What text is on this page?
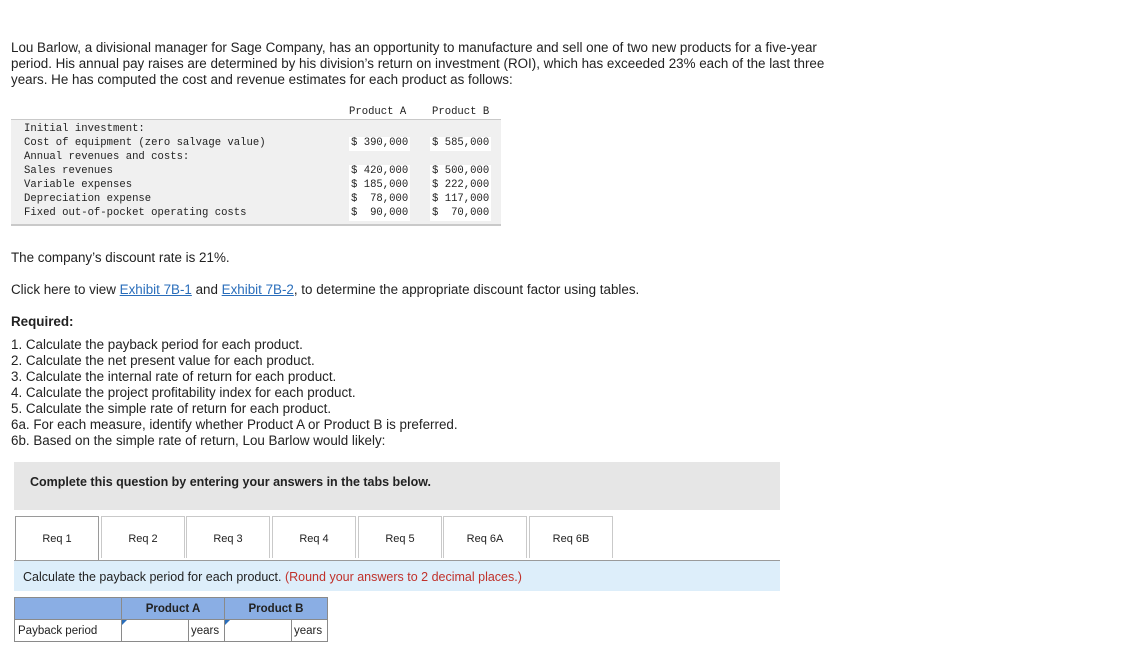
Lou Barlow, a divisional manager for Sage Company, has an opportunity to manufacture and sell one of two new products for a five-year period. His annual pay raises are determined by his division’s return on investment (ROI), which has exceeded 23% each of the last three years. He has computed the cost and revenue estimates for each product as follows:

Product A Product B
Initial investment:
Cost of equipment (zero salvage value)	$ 390,000 $ 585,000
Annual revenues and costs:
Sales revenues	$ 420,000 $ 500,000
Variable expenses	$ 185,000 $ 222,000
Depreciation expense	$  78,000 $ 117,000
Fixed out-of-pocket operating costs	$  90,000 $  70,000
The company’s discount rate is 21%.
Click here to view Exhibit 7B-1 and Exhibit 7B-2, to determine the appropriate discount factor using tables.
Required:
1. Calculate the payback period for each product.
2. Calculate the net present value for each product.
3. Calculate the internal rate of return for each product.
4. Calculate the project profitability index for each product.
5. Calculate the simple rate of return for each product.
6a. For each measure, identify whether Product A or Product B is preferred.
6b. Based on the simple rate of return, Lou Barlow would likely:
Complete this question by entering your answers in the tabs below.
Req 1	Req 2	Req 3	Req 4	Req 5	Req 6A	Req 6B
Calculate the payback period for each product. (Round your answers to 2 decimal places.)
	Product A		Product B	
Payback period		years		years
